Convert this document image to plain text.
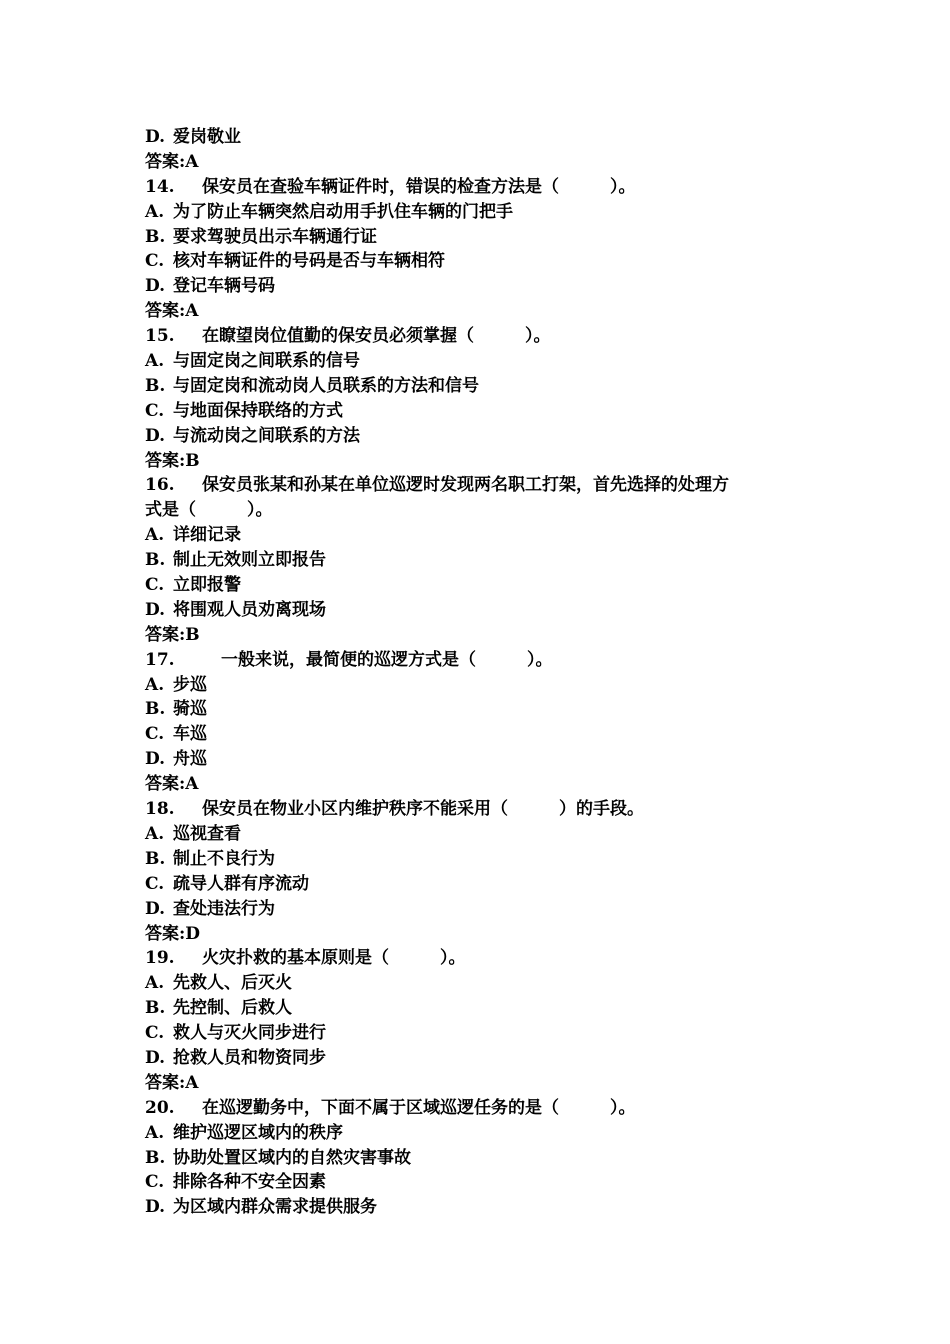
D. 爱岗敬业
答案:A
14. 保安员在查验车辆证件时，错误的检查方法是（　　　）。
A. 为了防止车辆突然启动用手扒住车辆的门把手
B. 要求驾驶员出示车辆通行证
C. 核对车辆证件的号码是否与车辆相符
D. 登记车辆号码
答案:A
15. 在瞭望岗位值勤的保安员必须掌握（　　　）。
A. 与固定岗之间联系的信号
B. 与固定岗和流动岗人员联系的方法和信号
C. 与地面保持联络的方式
D. 与流动岗之间联系的方法
答案:B
16. 保安员张某和孙某在单位巡逻时发现两名职工打架，首先选择的处理方
式是（　　　）。
A. 详细记录
B. 制止无效则立即报告
C. 立即报警
D. 将围观人员劝离现场
答案:B
17.	一般来说，最简便的巡逻方式是（　　　）。
A. 步巡
B. 骑巡
C. 车巡
D. 舟巡
答案:A
18. 保安员在物业小区内维护秩序不能采用（　　　）的手段。
A. 巡视查看
B. 制止不良行为
C. 疏导人群有序流动
D. 查处违法行为
答案:D
19. 火灾扑救的基本原则是（　　　）。
A. 先救人、后灭火
B. 先控制、后救人
C. 救人与灭火同步进行
D. 抢救人员和物资同步
答案:A
20. 在巡逻勤务中，下面不属于区域巡逻任务的是（　　　）。
A. 维护巡逻区域内的秩序
B. 协助处置区域内的自然灾害事故
C. 排除各种不安全因素
D. 为区域内群众需求提供服务
